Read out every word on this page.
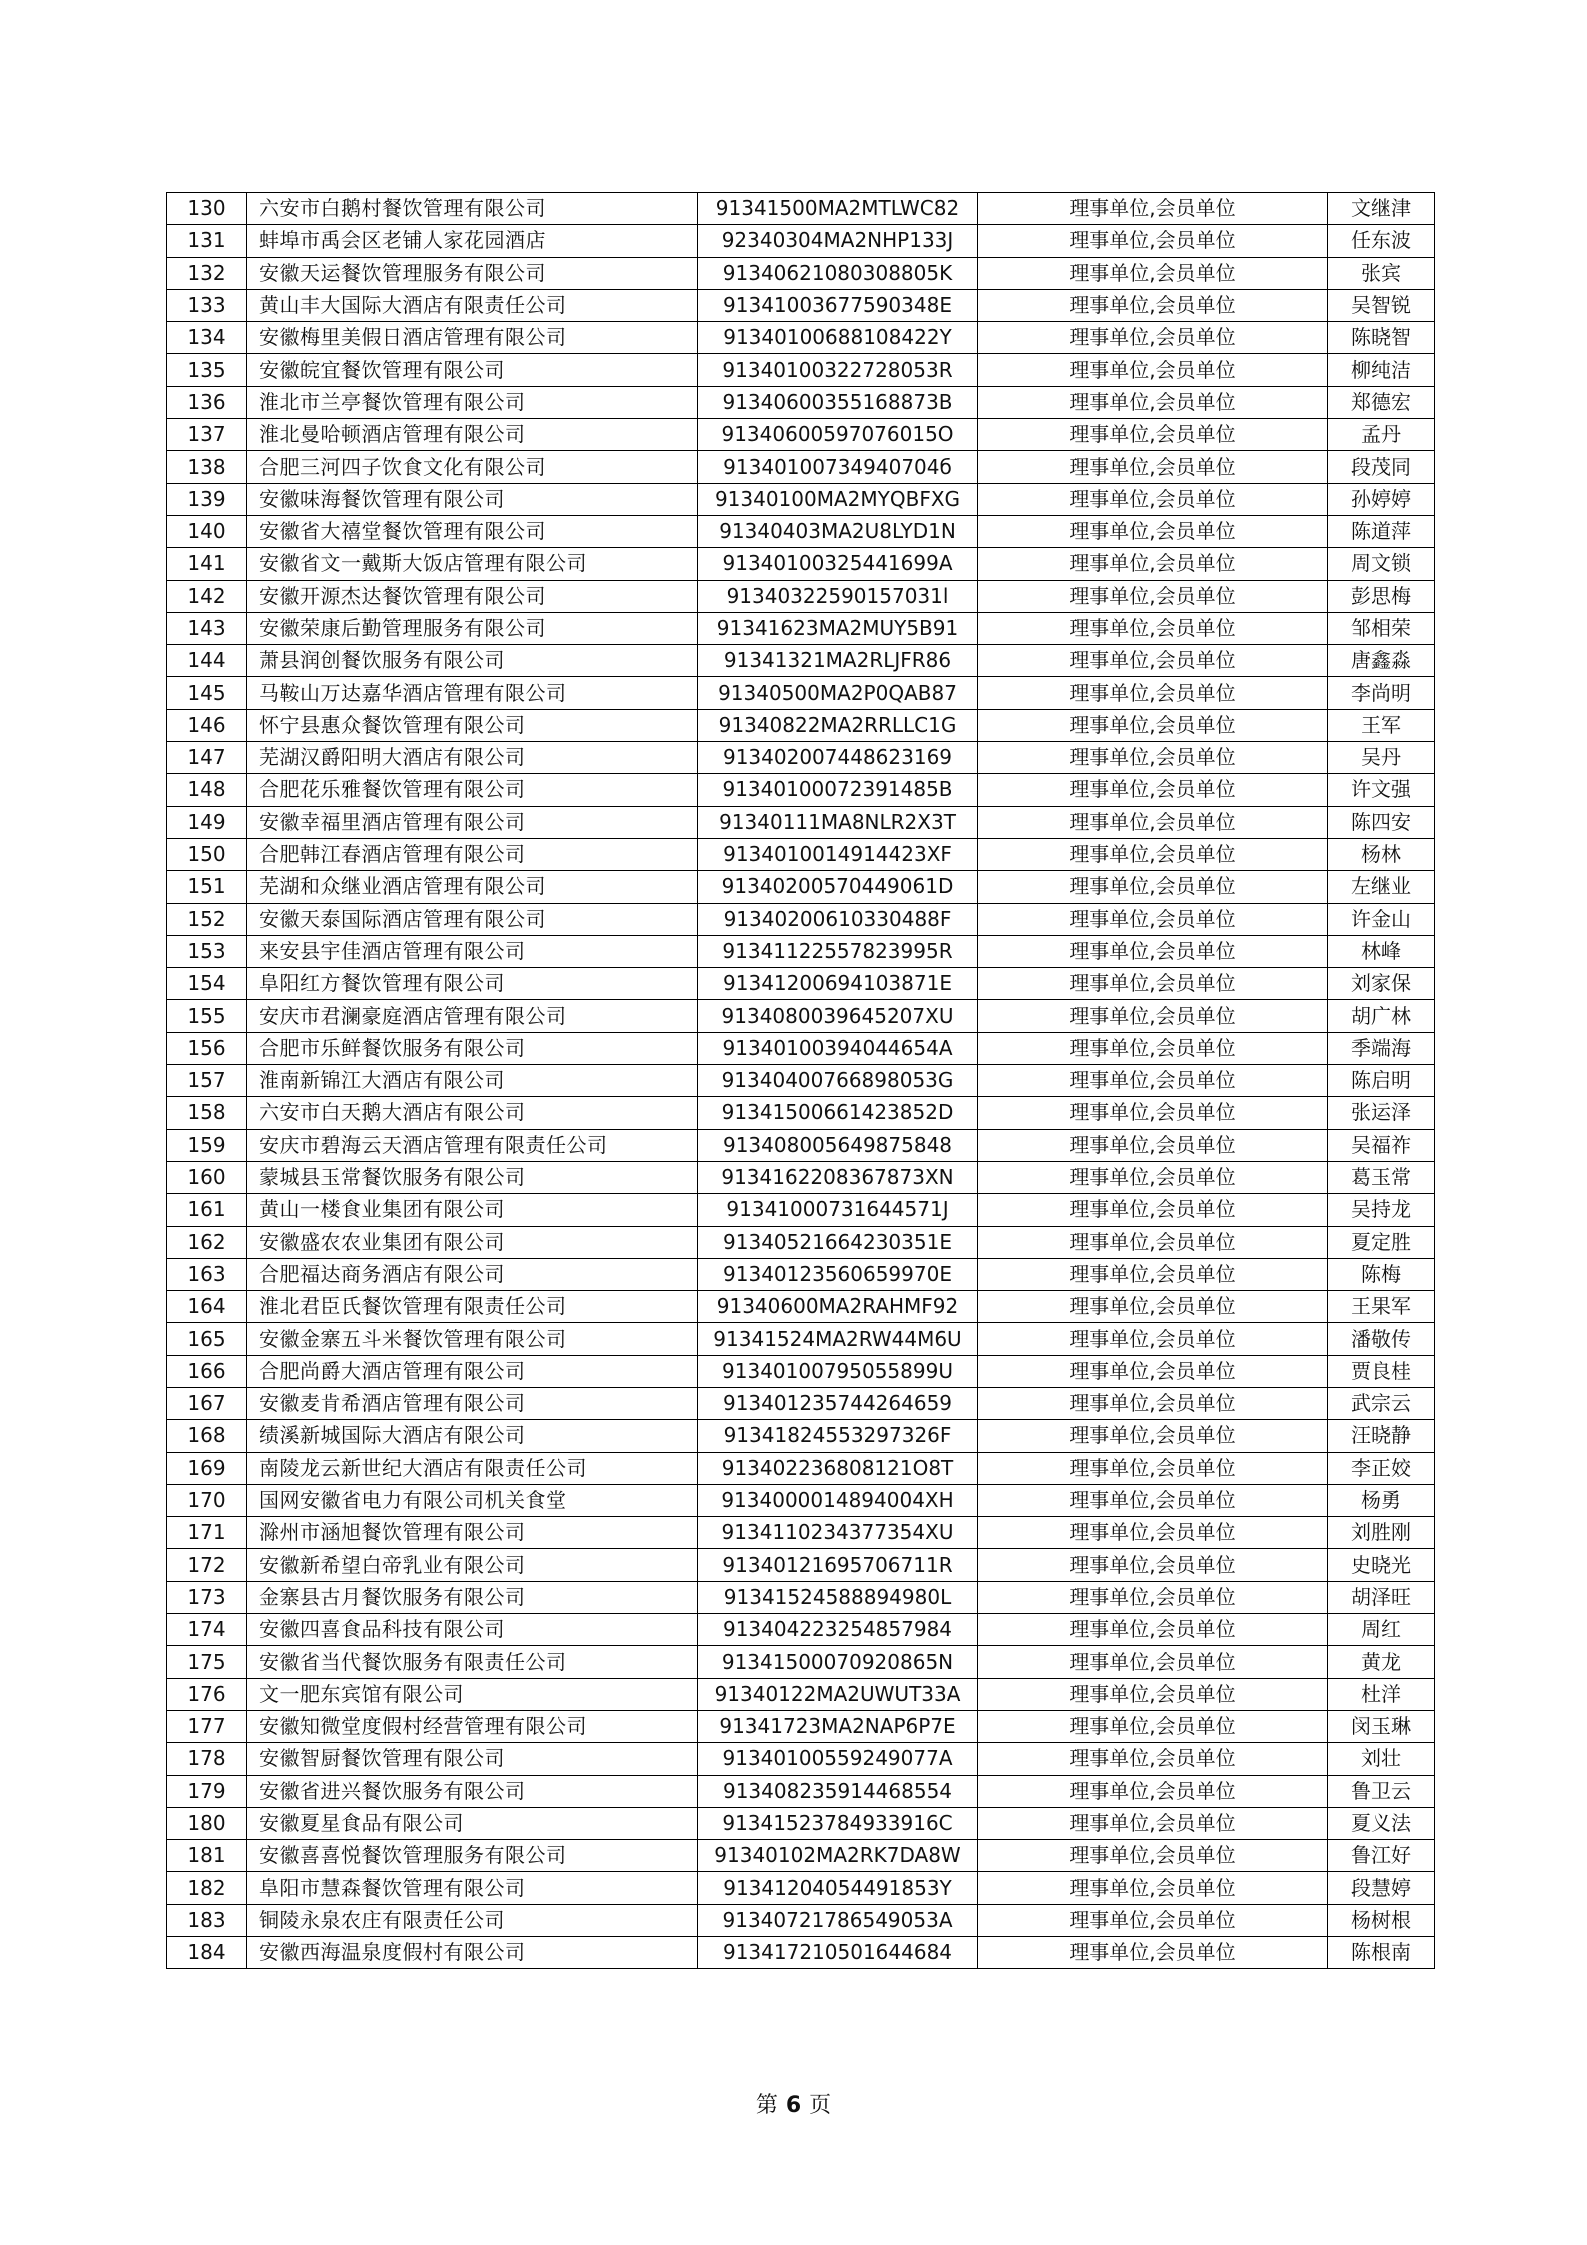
130	六安市白鹅村餐饮管理有限公司	91341500MA2MTLWC82	理事单位,会员单位	文继津
131	蚌埠市禹会区老铺人家花园酒店	92340304MA2NHP133J	理事单位,会员单位	任东波
132	安徽天运餐饮管理服务有限公司	91340621080308805K	理事单位,会员单位	张宾
133	黄山丰大国际大酒店有限责任公司	91341003677590348E	理事单位,会员单位	吴智锐
134	安徽梅里美假日酒店管理有限公司	91340100688108422Y	理事单位,会员单位	陈晓智
135	安徽皖宜餐饮管理有限公司	91340100322728053R	理事单位,会员单位	柳纯洁
136	淮北市兰亭餐饮管理有限公司	91340600355168873B	理事单位,会员单位	郑德宏
137	淮北曼哈顿酒店管理有限公司	91340600597076015O	理事单位,会员单位	孟丹
138	合肥三河四子饮食文化有限公司	91340100734940704б	理事单位,会员单位	段茂同
139	安徽味海餐饮管理有限公司	91340100MA2MYQBFXG	理事单位,会员单位	孙婷婷
140	安徽省大禧堂餐饮管理有限公司	91340403MA2U8LYD1N	理事单位,会员单位	陈道萍
141	安徽省文一戴斯大饭店管理有限公司	91340100325441699A	理事单位,会员单位	周文锁
142	安徽开源杰达餐饮管理有限公司	91340322590157031l	理事单位,会员单位	彭思梅
143	安徽荣康后勤管理服务有限公司	91341623MA2MUY5B91	理事单位,会员单位	邹相荣
144	萧县润创餐饮服务有限公司	91341321MA2RLJFR86	理事单位,会员单位	唐鑫淼
145	马鞍山万达嘉华酒店管理有限公司	91340500MA2P0QAB87	理事单位,会员单位	李尚明
146	怀宁县惠众餐饮管理有限公司	91340822MA2RRLLC1G	理事单位,会员单位	王军
147	芜湖汉爵阳明大酒店有限公司	913402007448623169	理事单位,会员单位	吴丹
148	合肥花乐雅餐饮管理有限公司	91340100072391485B	理事单位,会员单位	许文强
149	安徽幸福里酒店管理有限公司	91340111MA8NLR2X3T	理事单位,会员单位	陈四安
150	合肥韩江春酒店管理有限公司	9134010014914423XF	理事单位,会员单位	杨林
151	芜湖和众继业酒店管理有限公司	91340200570449061D	理事单位,会员单位	左继业
152	安徽天泰国际酒店管理有限公司	91340200610330488F	理事单位,会员单位	许金山
153	来安县宇佳酒店管理有限公司	91341122557823995R	理事单位,会员单位	林峰
154	阜阳红方餐饮管理有限公司	91341200694103871E	理事单位,会员单位	刘家保
155	安庆市君澜豪庭酒店管理有限公司	9134080039645207XU	理事单位,会员单位	胡广林
156	合肥市乐鲜餐饮服务有限公司	91340100394044654A	理事单位,会员单位	季端海
157	淮南新锦江大酒店有限公司	91340400766898053G	理事单位,会员单位	陈启明
158	六安市白天鹅大酒店有限公司	91341500661423852D	理事单位,会员单位	张运泽
159	安庆市碧海云天酒店管理有限责任公司	913408005649875848	理事单位,会员单位	吴福祚
160	蒙城县玉常餐饮服务有限公司	9134162208367873XN	理事单位,会员单位	葛玉常
161	黄山一楼食业集团有限公司	91341000731644571J	理事单位,会员单位	吴持龙
162	安徽盛农农业集团有限公司	91340521664230351E	理事单位,会员单位	夏定胜
163	合肥福达商务酒店有限公司	91340123560659970E	理事单位,会员单位	陈梅
164	淮北君臣氏餐饮管理有限责任公司	91340600MA2RAHMF92	理事单位,会员单位	王果军
165	安徽金寨五斗米餐饮管理有限公司	91341524MA2RW44M6U	理事单位,会员单位	潘敬传
166	合肥尚爵大酒店管理有限公司	91340100795055899U	理事单位,会员单位	贾良桂
167	安徽麦肯希酒店管理有限公司	913401235744264659	理事单位,会员单位	武宗云
168	绩溪新城国际大酒店有限公司	91341824553297326F	理事单位,会员单位	汪晓静
169	南陵龙云新世纪大酒店有限责任公司	913402236808121O8T	理事单位,会员单位	李正姣
170	国网安徽省电力有限公司机关食堂	9134000014894004XH	理事单位,会员单位	杨勇
171	滁州市涵旭餐饮管理有限公司	9134110234377354XU	理事单位,会员单位	刘胜刚
172	安徽新希望白帝乳业有限公司	91340121695706711R	理事单位,会员单位	史晓光
173	金寨县古月餐饮服务有限公司	91341524588894980L	理事单位,会员单位	胡泽旺
174	安徽四喜食品科技有限公司	913404223254857984	理事单位,会员单位	周红
175	安徽省当代餐饮服务有限责任公司	91341500070920865N	理事单位,会员单位	黄龙
176	文一肥东宾馆有限公司	91340122MA2UWUT33A	理事单位,会员单位	杜洋
177	安徽知微堂度假村经营管理有限公司	91341723MA2NAP6P7E	理事单位,会员单位	闵玉琳
178	安徽智厨餐饮管理有限公司	91340100559249077A	理事单位,会员单位	刘壮
179	安徽省进兴餐饮服务有限公司	913408235914468554	理事单位,会员单位	鲁卫云
180	安徽夏星食品有限公司	91341523784933916C	理事单位,会员单位	夏义法
181	安徽喜喜悦餐饮管理服务有限公司	91340102MA2RK7DA8W	理事单位,会员单位	鲁江好
182	阜阳市慧森餐饮管理有限公司	91341204054491853Y	理事单位,会员单位	段慧婷
183	铜陵永泉农庄有限责任公司	91340721786549053A	理事单位,会员单位	杨树根
184	安徽西海温泉度假村有限公司	913417210501644684	理事单位,会员单位	陈根南
第 6 页
